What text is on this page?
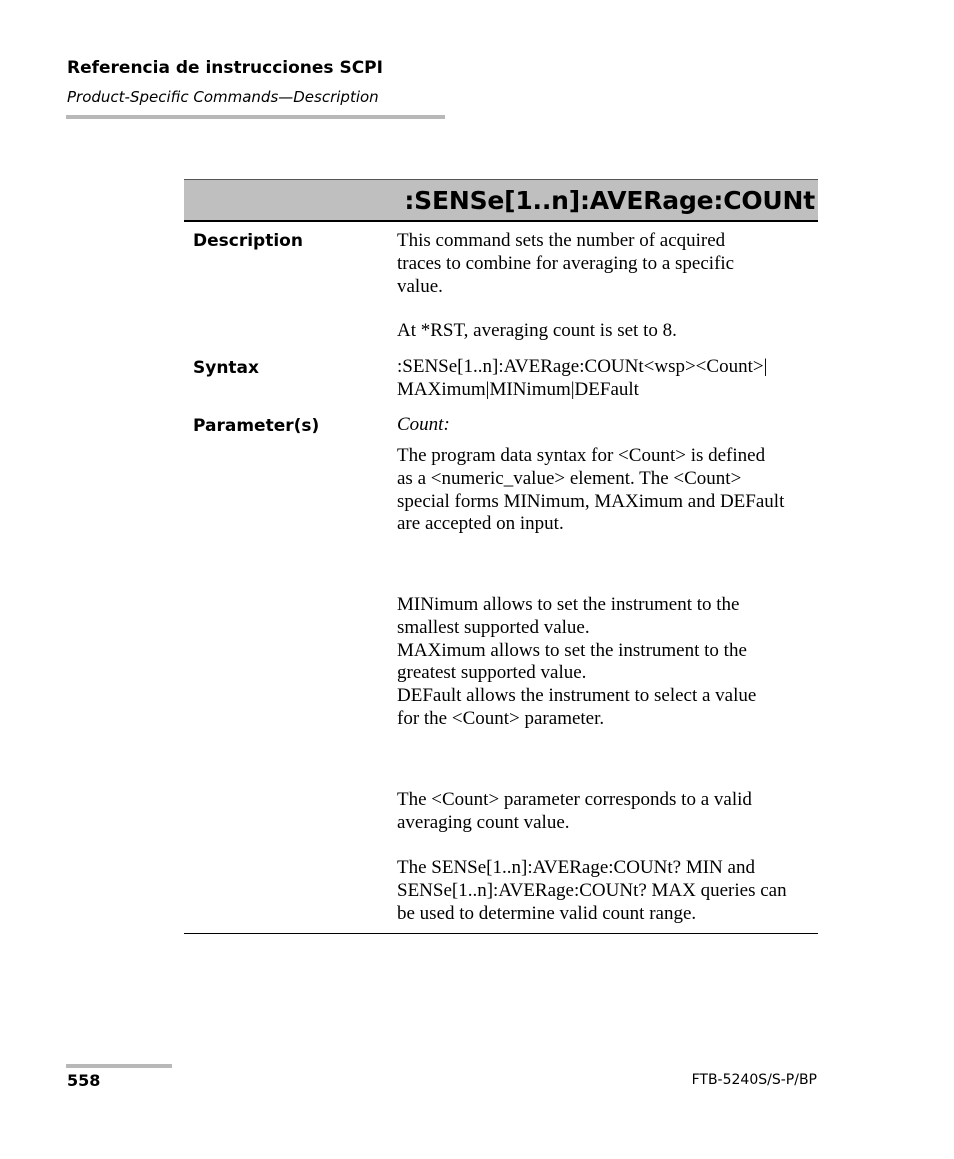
Referencia de instrucciones SCPI
Product-Specific Commands—Description
:SENSe[1..n]:AVERage:COUNt
Description	This command sets the number of acquired
traces to combine for averaging to a specific
value.
At *RST, averaging count is set to 8.
Syntax	:SENSe[1..n]:AVERage:COUNt<wsp><Count>|
MAXimum|MINimum|DEFault
Parameter(s)	Count:
The program data syntax for <Count> is defined
as a <numeric_value> element. The <Count>
special forms MINimum, MAXimum and DEFault
are accepted on input.
MINimum allows to set the instrument to the
smallest supported value.
MAXimum allows to set the instrument to the
greatest supported value.
DEFault allows the instrument to select a value
for the <Count> parameter.
The <Count> parameter corresponds to a valid
averaging count value.
The SENSe[1..n]:AVERage:COUNt? MIN and
SENSe[1..n]:AVERage:COUNt? MAX queries can
be used to determine valid count range.
558	FTB-5240S/S-P/BP
